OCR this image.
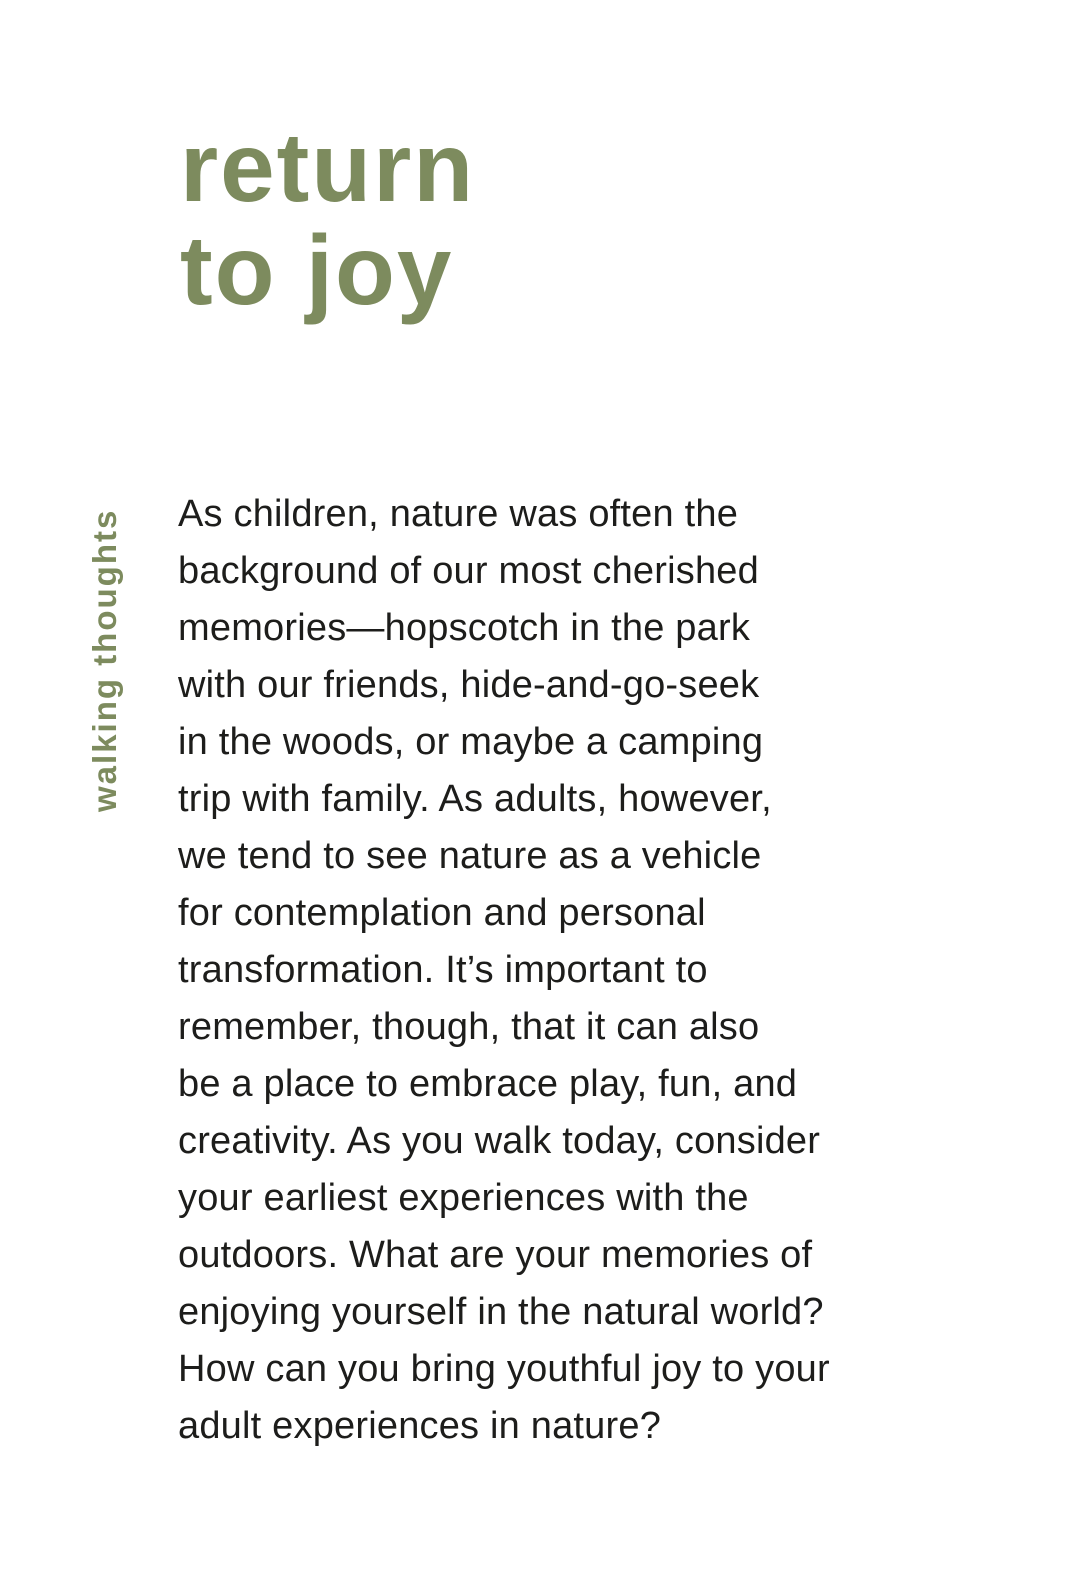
return
to joy
walking thoughts As children, nature was often the
background of our most cherished
memories—hopscotch in the park
with our friends, hide-and-go-seek
in the woods, or maybe a camping
trip with family. As adults, however,
we tend to see nature as a vehicle
for contemplation and personal
transformation. It’s important to
remember, though, that it can also
be a place to embrace play, fun, and
creativity. As you walk today, consider
your earliest experiences with the
outdoors. What are your memories of
enjoying yourself in the natural world?
How can you bring youthful joy to your
adult experiences in nature?
